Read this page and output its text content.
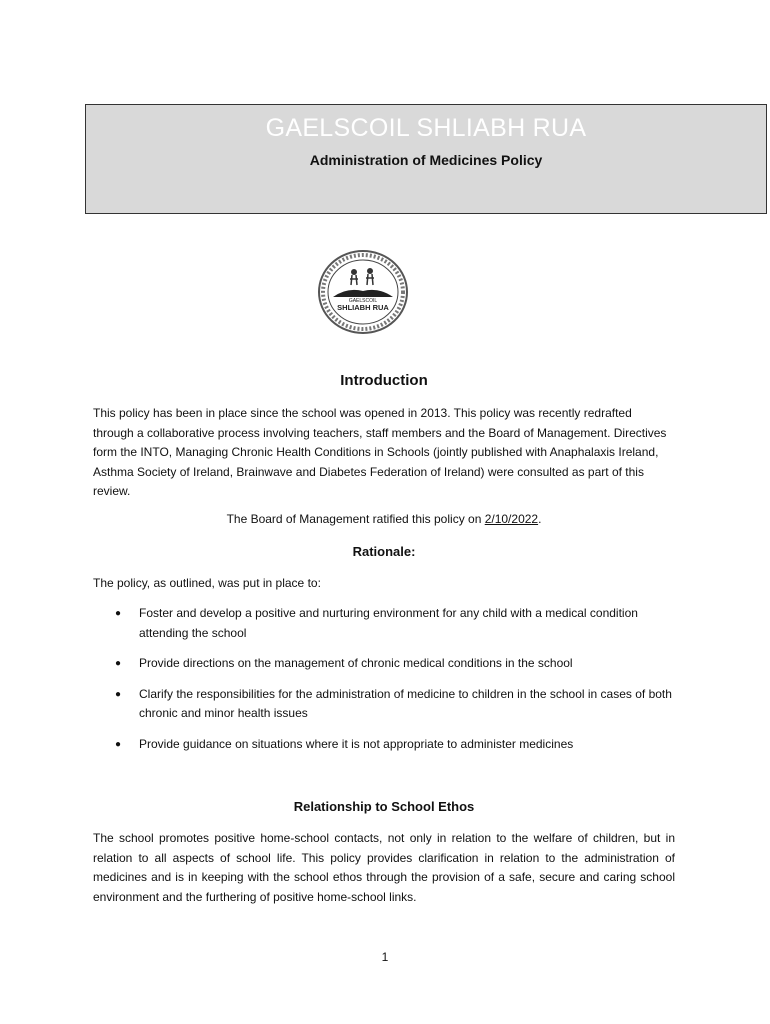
GAELSCOIL SHLIABH RUA
Administration of Medicines Policy
GAELSCOIL
SHLIABH RUA
Introduction

This policy has been in place since the school was opened in 2013. This policy was recently redrafted through a collaborative process involving teachers, staff members and the Board of Management. Directives form the INTO, Managing Chronic Health Conditions in Schools (jointly published with Anaphalaxis Ireland, Asthma Society of Ireland, Brainwave and Diabetes Federation of Ireland) were consulted as part of this review.

The Board of Management ratified this policy on 2/10/2022.
Rationale:
The policy, as outlined, was put in place to:
● Foster and develop a positive and nurturing environment for any child with a medical condition attending the school
● Provide directions on the management of chronic medical conditions in the school
● Clarify the responsibilities for the administration of medicine to children in the school in cases of both chronic and minor health issues
● Provide guidance on situations where it is not appropriate to administer medicines
Relationship to School Ethos

The school promotes positive home-school contacts, not only in relation to the welfare of children, but in relation to all aspects of school life. This policy provides clarification in relation to the administration of medicines and is in keeping with the school ethos through the provision of a safe, secure and caring school environment and the furthering of positive home-school links.

1
